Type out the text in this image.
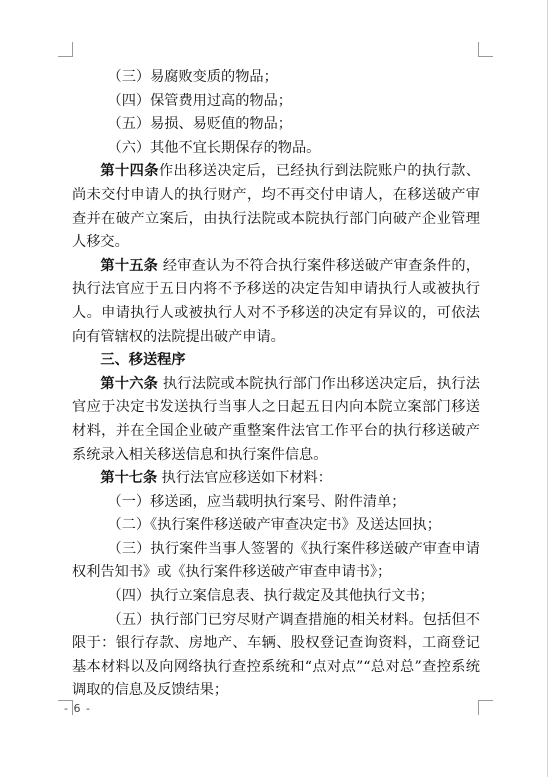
（三）易腐败变质的物品；

（四）保管费用过高的物品；

（五）易损、易贬值的物品；

（六）其他不宜长期保存的物品。

第十四条作出移送决定后，已经执行到法院账户的执行款、尚未交付申请人的执行财产，均不再交付申请人，在移送破产审查并在破产立案后，由执行法院或本院执行部门向破产企业管理人移交。

第十五条 经审查认为不符合执行案件移送破产审查条件的，执行法官应于五日内将不予移送的决定告知申请执行人或被执行人。申请执行人或被执行人对不予移送的决定有异议的，可依法向有管辖权的法院提出破产申请。

三、移送程序

第十六条 执行法院或本院执行部门作出移送决定后，执行法官应于决定书发送执行当事人之日起五日内向本院立案部门移送材料，并在全国企业破产重整案件法官工作平台的执行移送破产系统录入相关移送信息和执行案件信息。

第十七条 执行法官应移送如下材料：

（一）移送函，应当载明执行案号、附件清单；

（二）《执行案件移送破产审查决定书》及送达回执；

（三）执行案件当事人签署的《执行案件移送破产审查申请权利告知书》或《执行案件移送破产审查申请书》；

（四）执行立案信息表、执行裁定及其他执行文书；

（五）执行部门已穷尽财产调查措施的相关材料。包括但不限于：银行存款、房地产、车辆、股权登记查询资料，工商登记基本材料以及向网络执行查控系统和“点对点”“总对总”查控系统调取的信息及反馈结果；

- 6 -
